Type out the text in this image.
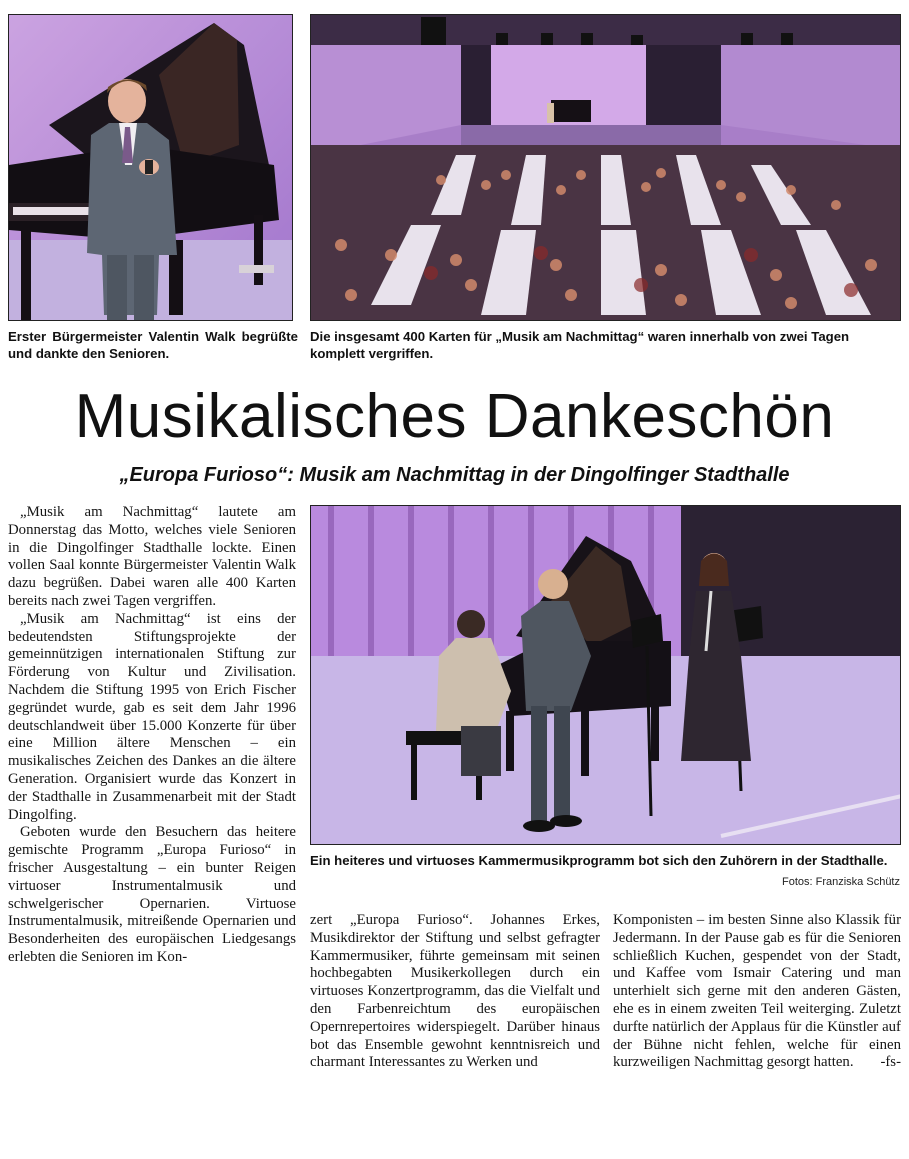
Erster Bürgermeister Valentin Walk begrüßte und dankte den Senioren.
Die insgesamt 400 Karten für „Musik am Nachmittag“ waren innerhalb von zwei Tagen komplett vergriffen.
Musikalisches Dankeschön
„Europa Furioso“: Musik am Nachmittag in der Dingolfinger Stadthalle
Ein heiteres und virtuoses Kammermusikprogramm bot sich den Zuhörern in der Stadthalle.
Fotos: Franziska Schütz

„Musik am Nachmittag“ lautete am Donnerstag das Motto, welches viele Senioren in die Dingolfinger Stadthalle lockte. Einen vollen Saal konnte Bürgermeister Valentin Walk dazu begrüßen. Dabei waren alle 400 Karten bereits nach zwei Tagen vergriffen.

„Musik am Nachmittag“ ist eins der bedeutendsten Stiftungsprojekte der gemeinnützigen internationalen Stiftung zur Förderung von Kultur und Zivilisation. Nachdem die Stiftung 1995 von Erich Fischer gegründet wurde, gab es seit dem Jahr 1996 deutschlandweit über 15.000 Konzerte für über eine Million ältere Menschen – ein musikalisches Zeichen des Dankes an die ältere Generation. Organisiert wurde das Konzert in der Stadthalle in Zusammenarbeit mit der Stadt Dingolfing.

Geboten wurde den Besuchern das heitere gemischte Programm „Europa Furioso“ in frischer Ausgestaltung – ein bunter Reigen virtuoser Instrumentalmusik und schwelgerischer Opernarien. Virtuose Instrumentalmusik, mitreißende Opernarien und Besonderheiten des europäischen Liedgesangs erlebten die Senioren im Kon-

zert „Europa Furioso“. Johannes Erkes, Musikdirektor der Stiftung und selbst gefragter Kammermusiker, führte gemeinsam mit seinen hochbegabten Musikerkollegen durch ein virtuoses Konzertprogramm, das die Vielfalt und den Farbenreichtum des europäischen Opernrepertoires widerspiegelt. Darüber hinaus bot das Ensemble gewohnt kenntnisreich und charmant Interessantes zu Werken und

Komponisten – im besten Sinne also Klassik für Jedermann. In der Pause gab es für die Senioren schließlich Kuchen, gespendet von der Stadt, und Kaffee vom Ismair Catering und man unterhielt sich gerne mit den anderen Gästen, ehe es in einem zweiten Teil weiterging. Zuletzt durfte natürlich der Applaus für die Künstler auf der Bühne nicht fehlen, welche für einen kurzweiligen Nachmittag gesorgt hatten. -fs-
